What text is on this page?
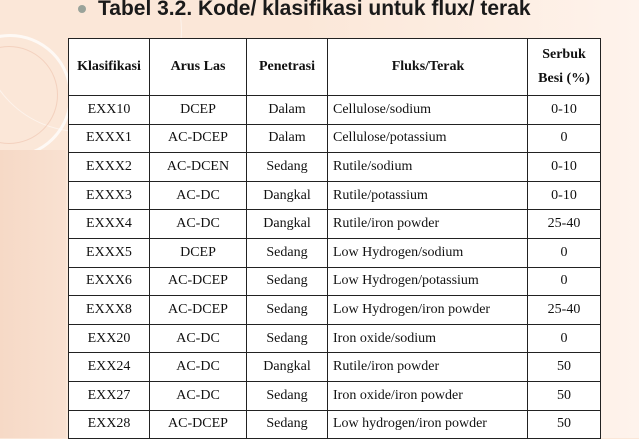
Tabel 3.2. Kode/ klasifikasi untuk flux/ terak
Klasifikasi	Arus Las	Penetrasi	Fluks/Terak	Serbuk
Besi (%)
EXX10	DCEP	Dalam	Cellulose/sodium	0-10
EXXX1	AC-DCEP	Dalam	Cellulose/potassium	0
EXXX2	AC-DCEN	Sedang	Rutile/sodium	0-10
EXXX3	AC-DC	Dangkal	Rutile/potassium	0-10
EXXX4	AC-DC	Dangkal	Rutile/iron powder	25-40
EXXX5	DCEP	Sedang	Low Hydrogen/sodium	0
EXXX6	AC-DCEP	Sedang	Low Hydrogen/potassium	0
EXXX8	AC-DCEP	Sedang	Low Hydrogen/iron powder	25-40
EXX20	AC-DC	Sedang	Iron oxide/sodium	0
EXX24	AC-DC	Dangkal	Rutile/iron powder	50
EXX27	AC-DC	Sedang	Iron oxide/iron powder	50
EXX28	AC-DCEP	Sedang	Low hydrogen/iron powder	50
